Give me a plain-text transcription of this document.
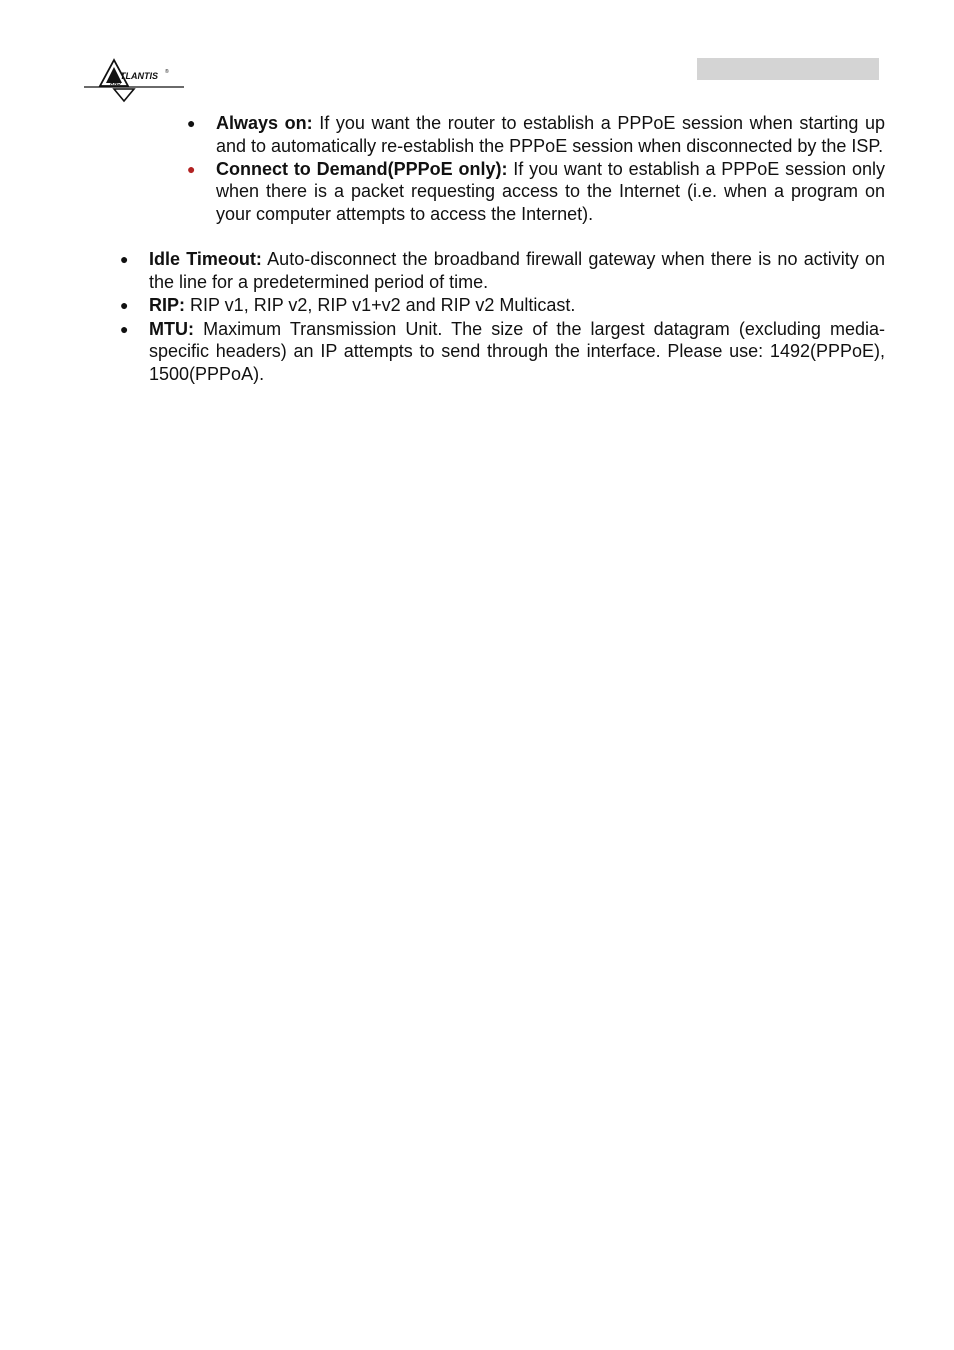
TLANTIS ®
AND
● Always on: If you want the router to establish a PPPoE session when starting up and to automatically re-establish the PPPoE session when disconnected by the ISP.
● Connect to Demand(PPPoE only): If you want to establish a PPPoE session only when there is a packet requesting access to the Internet (i.e. when a program on your computer attempts to access the Internet).
● Idle Timeout: Auto-disconnect the broadband firewall gateway when there is no activity on the line for a predetermined period of time.
● RIP: RIP v1, RIP v2, RIP v1+v2 and RIP v2 Multicast.
● MTU: Maximum Transmission Unit. The size of the largest datagram (excluding media-specific headers) an IP attempts to send through the interface. Please use: 1492(PPPoE), 1500(PPPoA).
